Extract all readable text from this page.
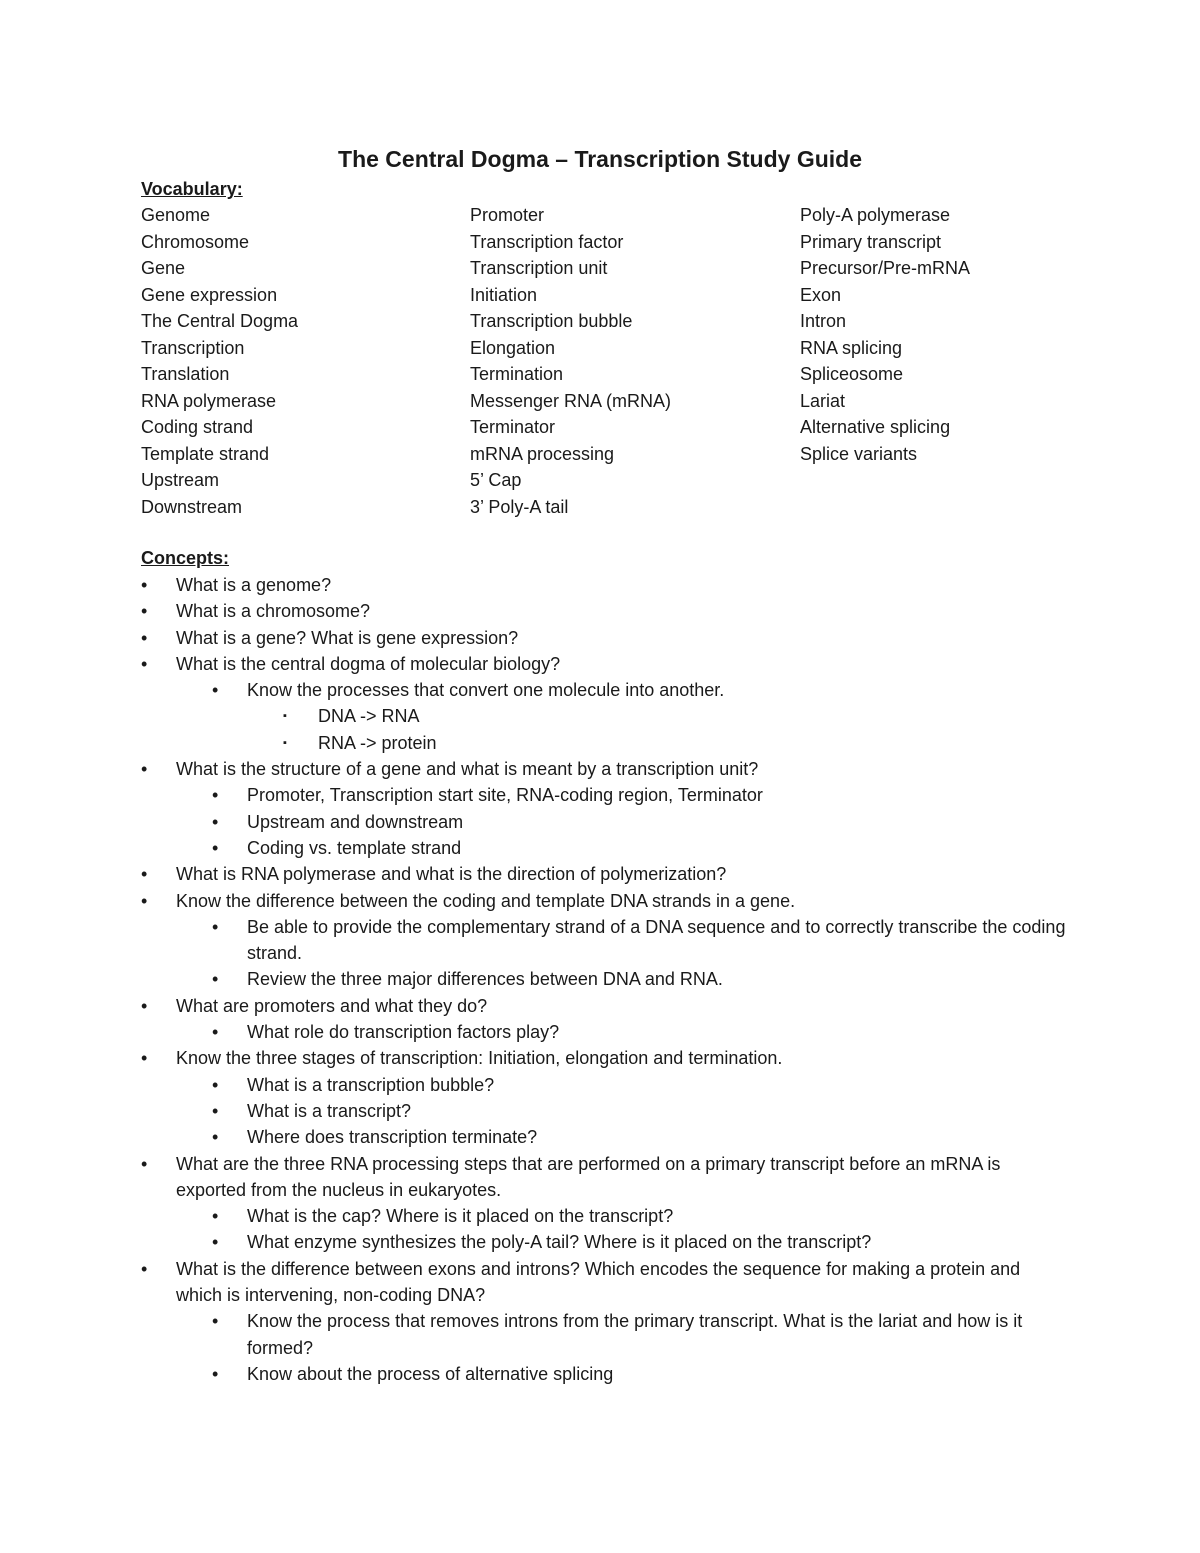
The Central Dogma – Transcription Study Guide
Vocabulary:
Genome
Chromosome
Gene
Gene expression
The Central Dogma
Transcription
Translation
RNA polymerase
Coding strand
Template strand
Upstream
Downstream
Promoter
Transcription factor
Transcription unit
Initiation
Transcription bubble
Elongation
Termination
Messenger RNA (mRNA)
Terminator
mRNA processing
5’ Cap
3’ Poly-A tail
Poly-A polymerase
Primary transcript
Precursor/Pre-mRNA
Exon
Intron
RNA splicing
Spliceosome
Lariat
Alternative splicing
Splice variants
Concepts:
• What is a genome?
• What is a chromosome?
• What is a gene? What is gene expression?
• What is the central dogma of molecular biology?
• Know the processes that convert one molecule into another.
▪ DNA -> RNA
▪ RNA -> protein
• What is the structure of a gene and what is meant by a transcription unit?
• Promoter, Transcription start site, RNA-coding region, Terminator
• Upstream and downstream
• Coding vs. template strand
• What is RNA polymerase and what is the direction of polymerization?
• Know the difference between the coding and template DNA strands in a gene.
• Be able to provide the complementary strand of a DNA sequence and to correctly transcribe the coding strand.
• Review the three major differences between DNA and RNA.
• What are promoters and what they do?
• What role do transcription factors play?
• Know the three stages of transcription: Initiation, elongation and termination.
• What is a transcription bubble?
• What is a transcript?
• Where does transcription terminate?
• What are the three RNA processing steps that are performed on a primary transcript before an mRNA is exported from the nucleus in eukaryotes.
• What is the cap? Where is it placed on the transcript?
• What enzyme synthesizes the poly-A tail? Where is it placed on the transcript?
• What is the difference between exons and introns? Which encodes the sequence for making a protein and which is intervening, non-coding DNA?
• Know the process that removes introns from the primary transcript. What is the lariat and how is it formed?
• Know about the process of alternative splicing
